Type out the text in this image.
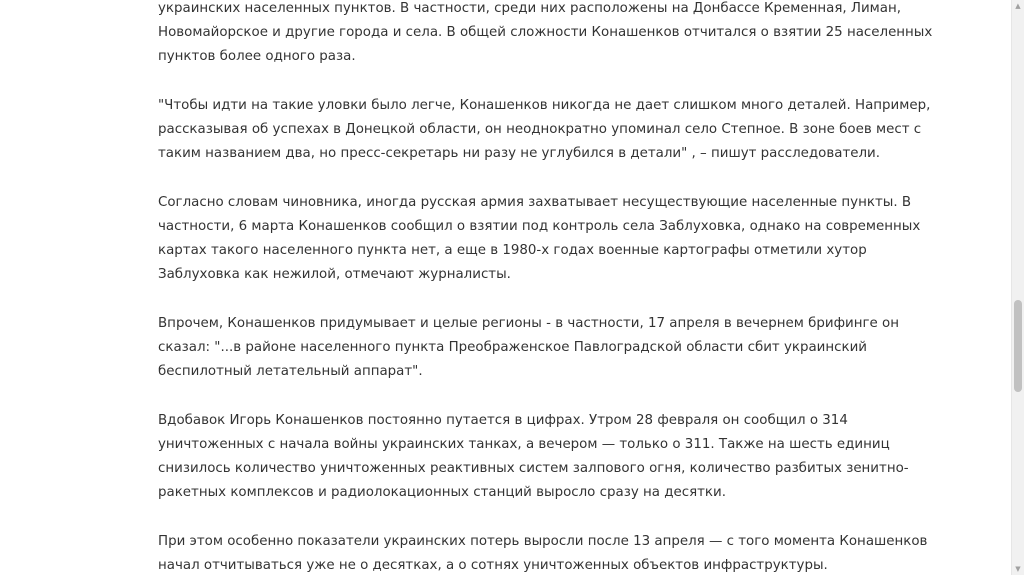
украинских населенных пунктов. В частности, среди них расположены на Донбассе Кременная, Лиман,
Новомайорское и другие города и села. В общей сложности Конашенков отчитался о взятии 25 населенных
пунктов более одного раза.

"Чтобы идти на такие уловки было легче, Конашенков никогда не дает слишком много деталей. Например,
рассказывая об успехах в Донецкой области, он неоднократно упоминал село Степное. В зоне боев мест с
таким названием два, но пресс-секретарь ни разу не углубился в детали" , – пишут расследователи.

Согласно словам чиновника, иногда русская армия захватывает несуществующие населенные пункты. В
частности, 6 марта Конашенков сообщил о взятии под контроль села Заблуховка, однако на современных
картах такого населенного пункта нет, а еще в 1980-х годах военные картографы отметили хутор
Заблуховка как нежилой, отмечают журналисты.

Впрочем, Конашенков придумывает и целые регионы - в частности, 17 апреля в вечернем брифинге он
сказал: "...в районе населенного пункта Преображенское Павлоградской области сбит украинский
беспилотный летательный аппарат".

Вдобавок Игорь Конашенков постоянно путается в цифрах. Утром 28 февраля он сообщил о 314
уничтоженных с начала войны украинских танках, а вечером — только о 311. Также на шесть единиц
снизилось количество уничтоженных реактивных систем залпового огня, количество разбитых зенитно-
ракетных комплексов и радиолокационных станций выросло сразу на десятки.

При этом особенно показатели украинских потерь выросли после 13 апреля — с того момента Конашенков
начал отчитываться уже не о десятках, а о сотнях уничтоженных объектов инфраструктуры.

▲
▼
